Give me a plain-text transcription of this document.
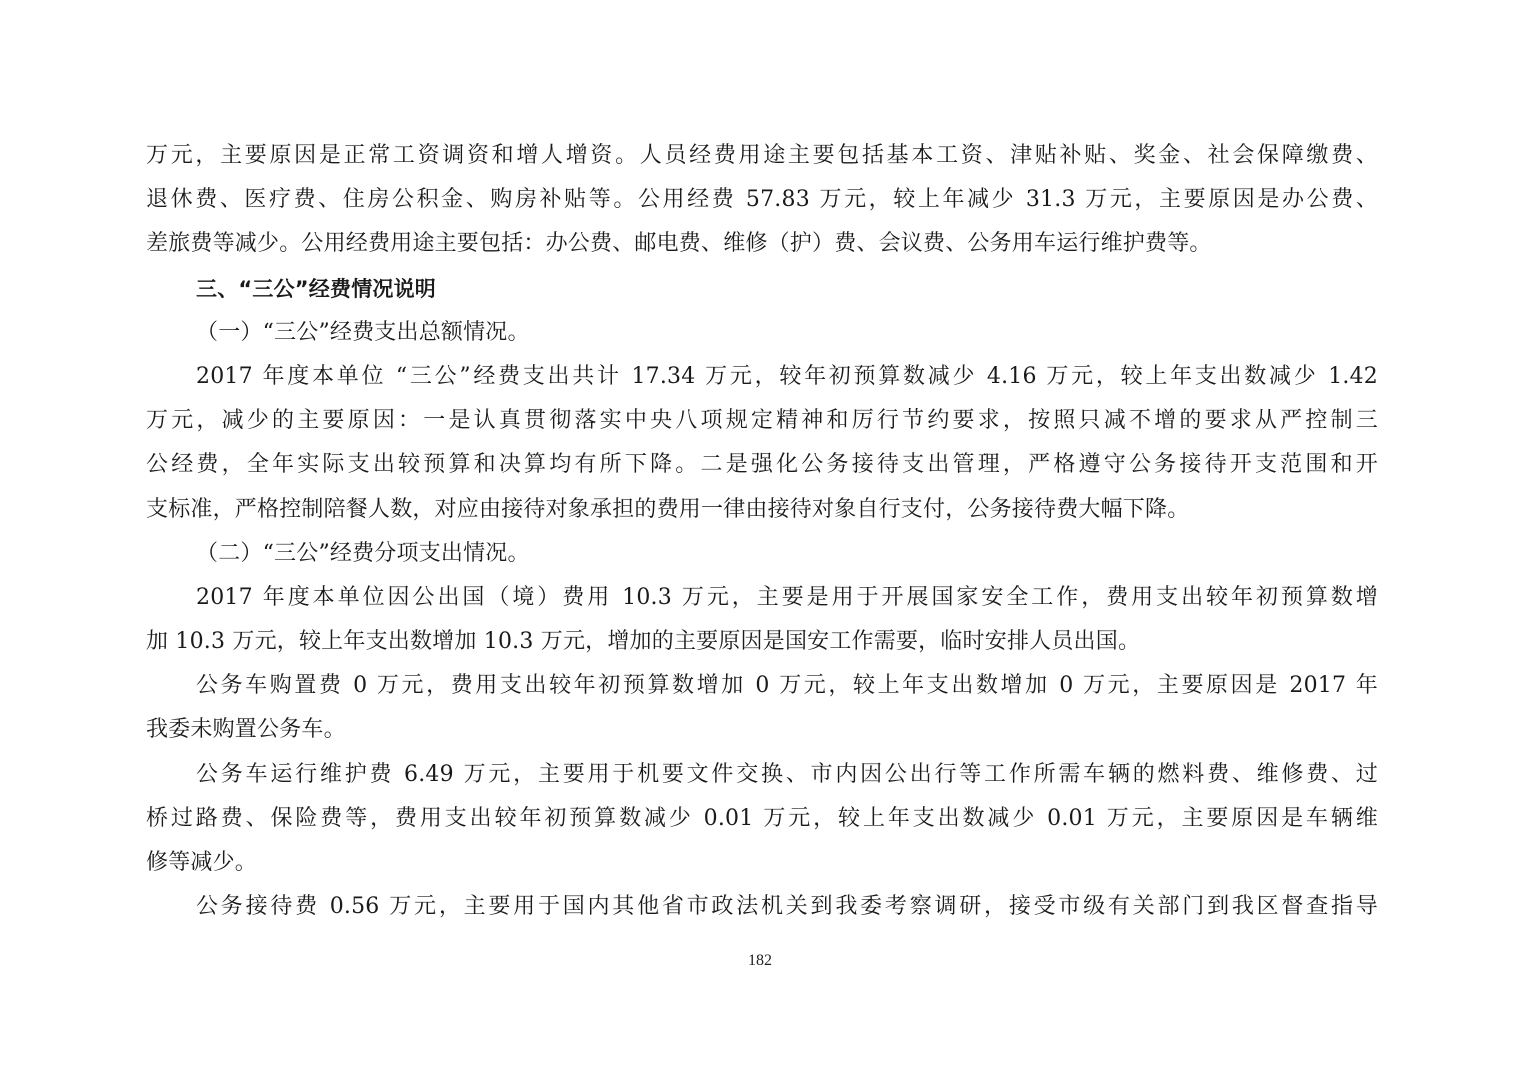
万元，主要原因是正常工资调资和增人增资。人员经费用途主要包括基本工资、津贴补贴、奖金、社会保障缴费、
退休费、医疗费、住房公积金、购房补贴等。公用经费 57.83 万元，较上年减少 31.3 万元，主要原因是办公费、
差旅费等减少。公用经费用途主要包括：办公费、邮电费、维修（护）费、会议费、公务用车运行维护费等。
三、“三公”经费情况说明
（一）“三公”经费支出总额情况。
2017 年度本单位 “三公”经费支出共计 17.34 万元，较年初预算数减少 4.16 万元，较上年支出数减少 1.42
万元，减少的主要原因：一是认真贯彻落实中央八项规定精神和厉行节约要求，按照只减不增的要求从严控制三
公经费，全年实际支出较预算和决算均有所下降。二是强化公务接待支出管理，严格遵守公务接待开支范围和开
支标准，严格控制陪餐人数，对应由接待对象承担的费用一律由接待对象自行支付，公务接待费大幅下降。
（二）“三公”经费分项支出情况。
2017 年度本单位因公出国（境）费用 10.3 万元，主要是用于开展国家安全工作，费用支出较年初预算数增
加 10.3 万元，较上年支出数增加 10.3 万元，增加的主要原因是国安工作需要，临时安排人员出国。
公务车购置费 0 万元，费用支出较年初预算数增加 0 万元，较上年支出数增加 0 万元，主要原因是 2017 年
我委未购置公务车。
公务车运行维护费 6.49 万元，主要用于机要文件交换、市内因公出行等工作所需车辆的燃料费、维修费、过
桥过路费、保险费等，费用支出较年初预算数减少 0.01 万元，较上年支出数减少 0.01 万元，主要原因是车辆维
修等减少。
公务接待费 0.56 万元，主要用于国内其他省市政法机关到我委考察调研，接受市级有关部门到我区督查指导
182
